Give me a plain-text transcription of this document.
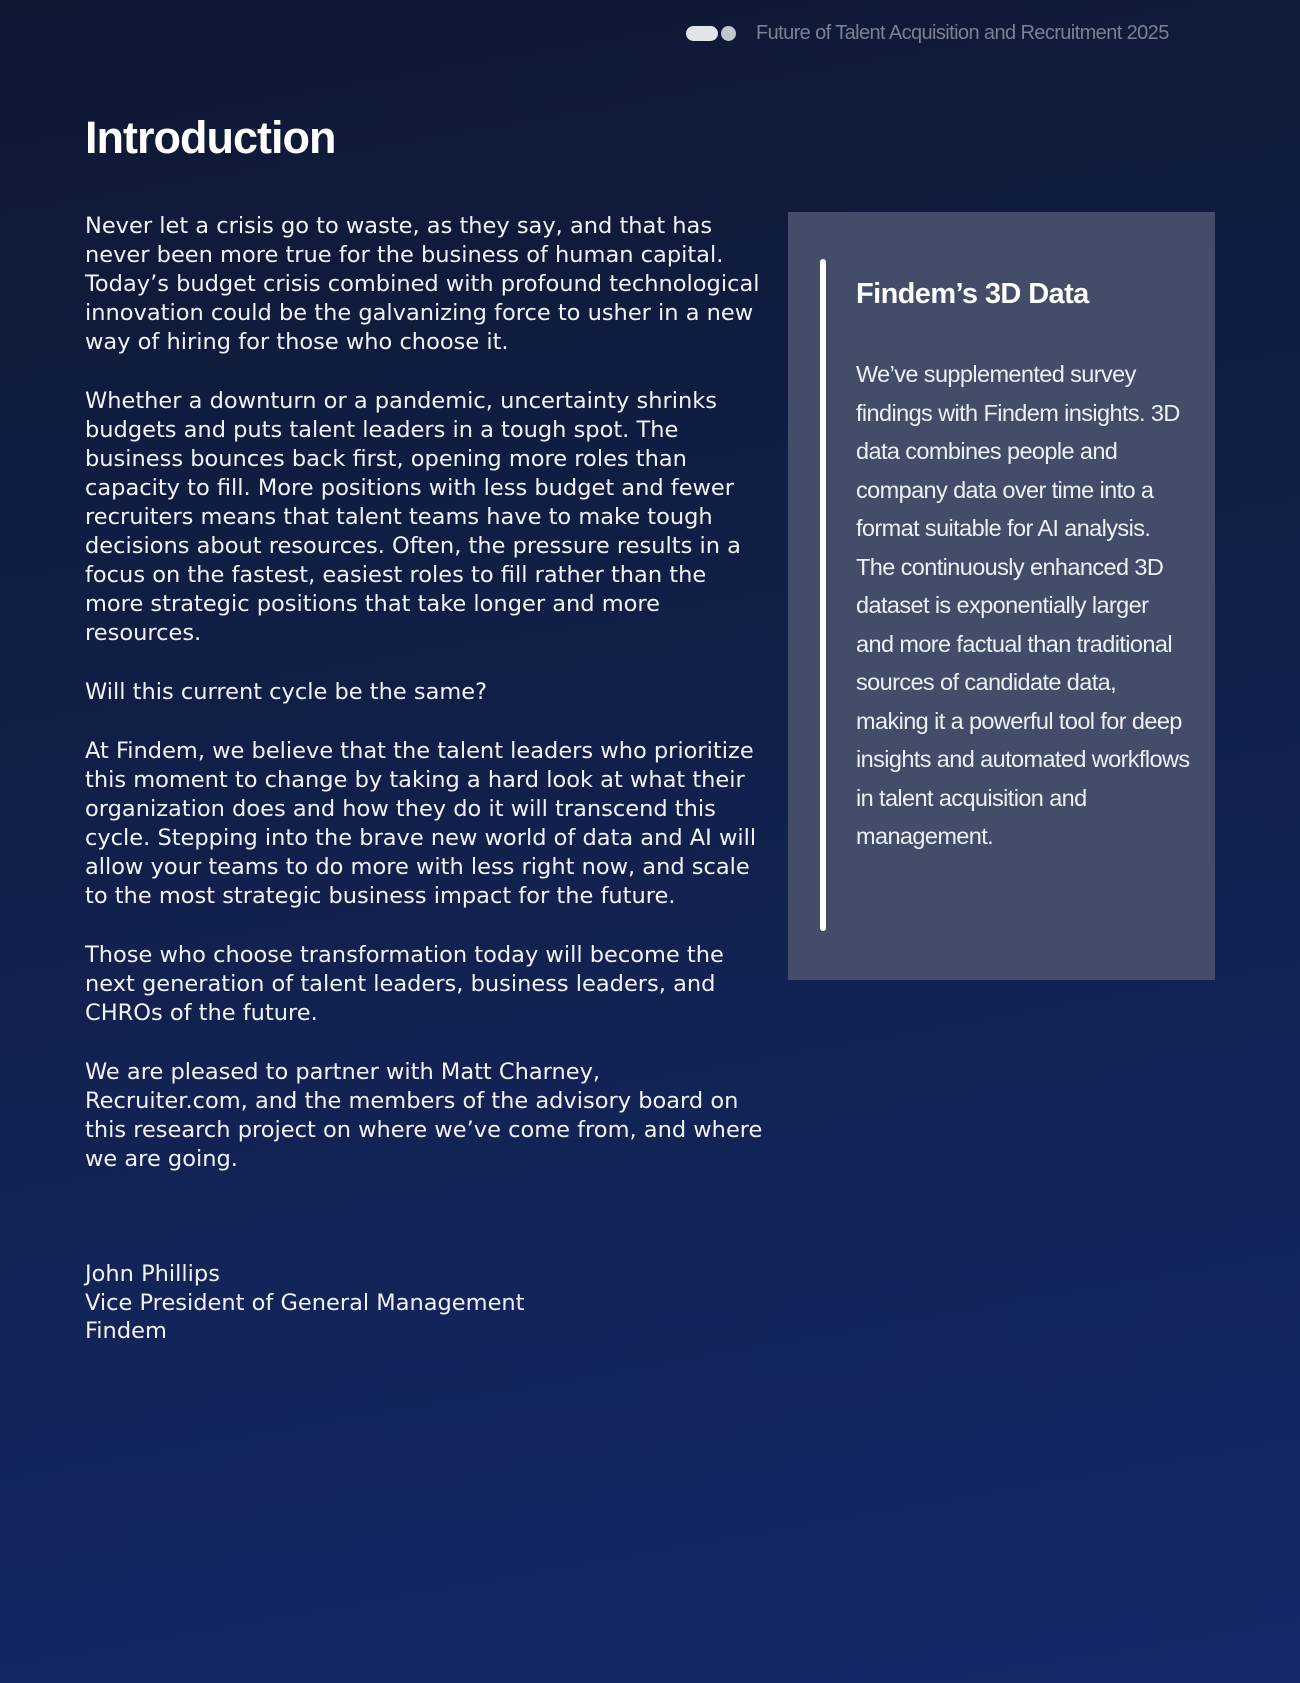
Future of Talent Acquisition and Recruitment 2025
Introduction

Never let a crisis go to waste, as they say, and that has never been more true for the business of human capital. Today’s budget crisis combined with profound technological innovation could be the galvanizing force to usher in a new way of hiring for those who choose it.

Whether a downturn or a pandemic, uncertainty shrinks budgets and puts talent leaders in a tough spot. The business bounces back first, opening more roles than capacity to fill. More positions with less budget and fewer recruiters means that talent teams have to make tough decisions about resources. Often, the pressure results in a focus on the fastest, easiest roles to fill rather than the more strategic positions that take longer and more resources.

Will this current cycle be the same?

At Findem, we believe that the talent leaders who prioritize this moment to change by taking a hard look at what their organization does and how they do it will transcend this cycle. Stepping into the brave new world of data and AI will allow your teams to do more with less right now, and scale to the most strategic business impact for the future.

Those who choose transformation today will become the next generation of talent leaders, business leaders, and CHROs of the future.

We are pleased to partner with Matt Charney, Recruiter.com, and the members of the advisory board on this research project on where we’ve come from, and where we are going.

John Phillips
Vice President of General Management
Findem
Findem’s 3D Data

We’ve supplemented survey findings with Findem insights. 3D data combines people and company data over time into a format suitable for AI analysis. The continuously enhanced 3D dataset is exponentially larger and more factual than traditional sources of candidate data, making it a powerful tool for deep insights and automated workflows in talent acquisition and management.
